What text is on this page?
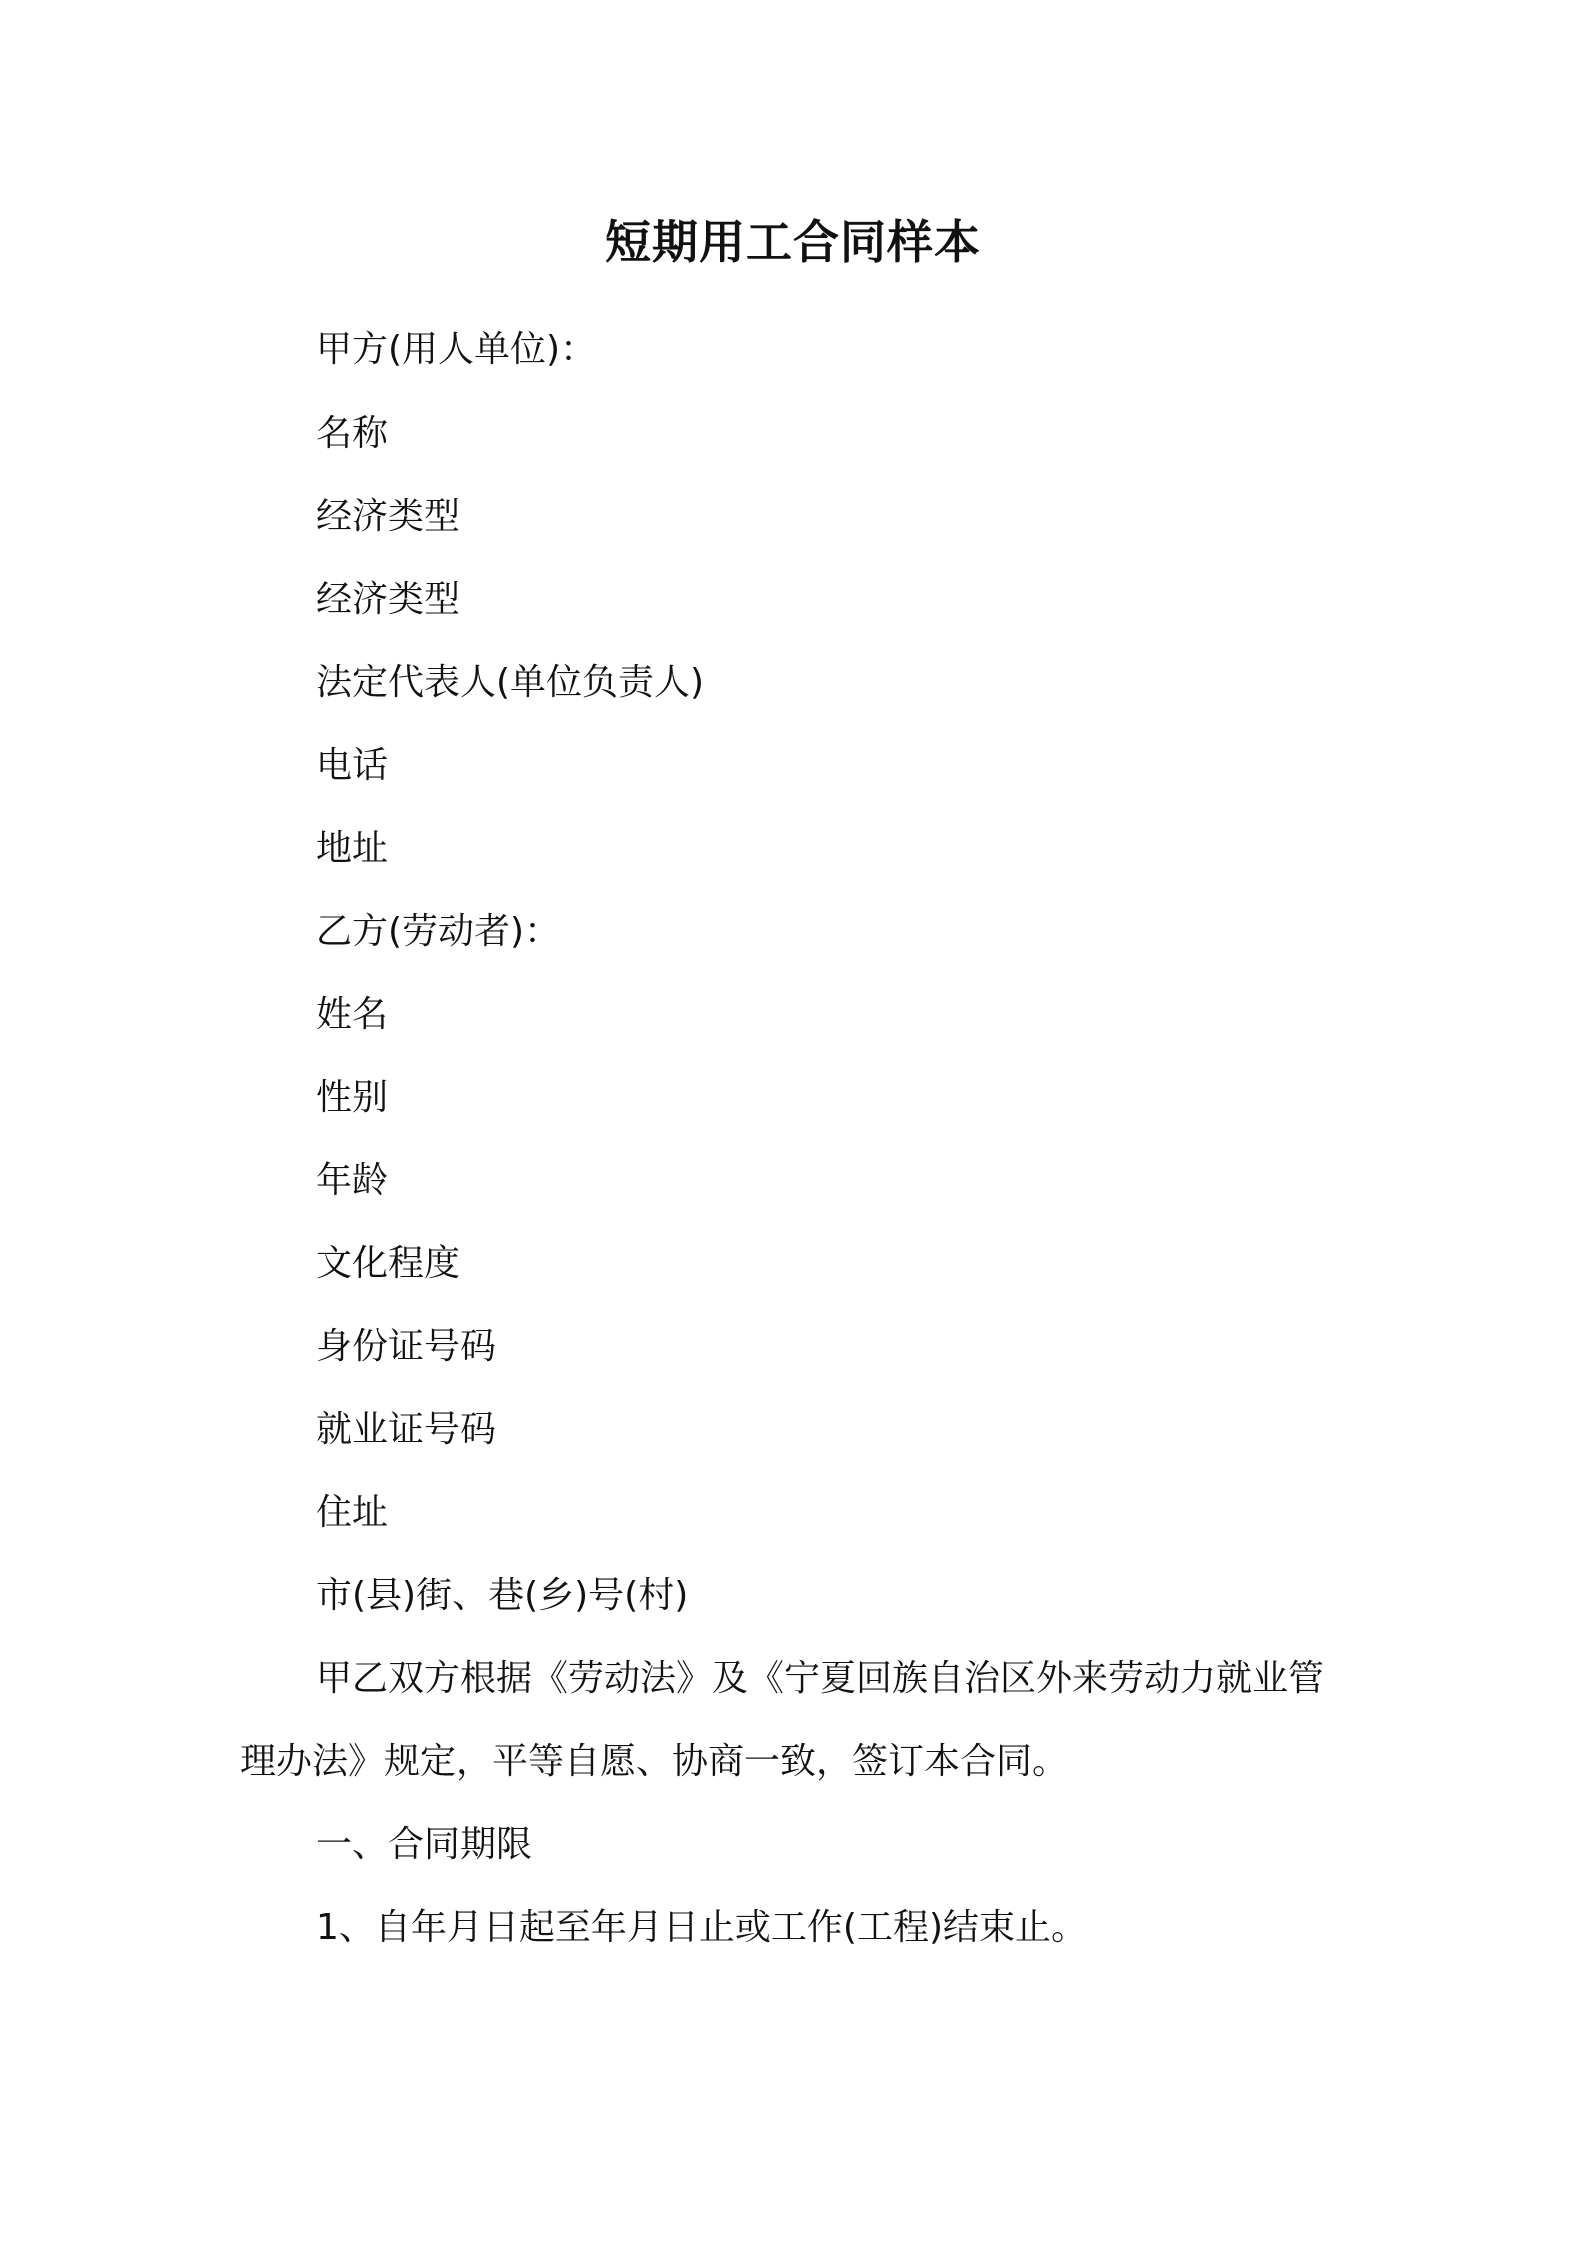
短期用工合同样本

甲方(用人单位)：

名称

经济类型

经济类型

法定代表人(单位负责人)

电话

地址

乙方(劳动者)：

姓名

性别

年龄

文化程度

身份证号码

就业证号码

住址

市(县)街、巷(乡)号(村)

甲乙双方根据《劳动法》及《宁夏回族自治区外来劳动力就业管

理办法》规定，平等自愿、协商一致，签订本合同。

一、合同期限

1、自年月日起至年月日止或工作(工程)结束止。
